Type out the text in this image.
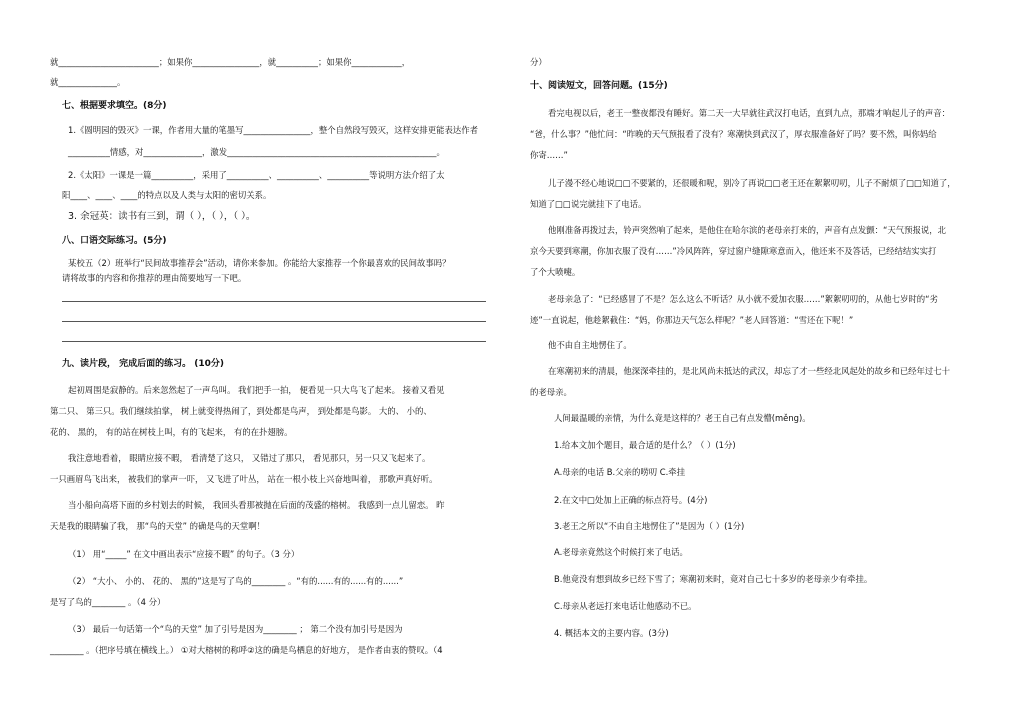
就________________________；如果你________________，就__________；如果你____________，
就______________。
七、根据要求填空。(8分)
1.《圆明园的毁灭》一课，作者用大量的笔墨写________________，整个自然段写毁灭，这样安排更能表达作者
__________情感，对______________，激发__________________________________________________。
2.《太阳》一课是一篇__________，采用了__________、__________、__________等说明方法介绍了太
阳____、____、____的特点以及人类与太阳的密切关系。
3. 余冠英：读书有三到，谓（ ），（ ），（ ）。
八、口语交际练习。(5分)
某校五（2）班举行“民间故事推荐会”活动，请你来参加。你能给大家推荐一个你最喜欢的民间故事吗？
请将故事的内容和你推荐的理由简要地写一下吧。
九、读片段， 完成后面的练习。 (10分)
起初周围是寂静的。后来忽然起了一声鸟叫。 我们把手一拍， 便看见一只大鸟飞了起来。 接着又看见
第二只、 第三只。我们继续拍掌， 树上就变得热闹了，到处都是鸟声， 到处都是鸟影。 大的、 小的、
花的、 黑的， 有的站在树枝上叫，有的飞起来， 有的在扑翅膀。
我注意地看着， 眼睛应接不暇， 看清楚了这只， 又错过了那只， 看见那只，另一只又飞起来了。
一只画眉鸟飞出来， 被我们的掌声一吓， 又飞进了叶丛， 站在一根小枝上兴奋地叫着， 那歌声真好听。
当小船向高塔下面的乡村划去的时候， 我回头看那被抛在后面的茂盛的榕树。 我感到一点儿留恋。 昨
天是我的眼睛骗了我， 那“鸟的天堂” 的确是鸟的天堂啊！
（1） 用“_____” 在文中画出表示“应接不暇” 的句子。（3 分）
（2） “大小、 小的、 花的、 黑的”这是写了鸟的________ 。“有的......有的......有的......”
是写了鸟的________ 。（4 分）
（3） 最后一句话第一个“鸟的天堂” 加了引号是因为________ ； 第二个没有加引号是因为
________ 。（把序号填在横线上。） ①对大榕树的称呼②这的确是鸟栖息的好地方， 是作者由衷的赞叹。（4
分）
十、阅读短文，回答问题。(15分)
看完电视以后，老王一整夜都没有睡好。第二天一大早就往武汉打电话，直到九点，那端才响起儿子的声音：
“爸，什么事？”他忙问：“昨晚的天气预报看了没有？寒潮快到武汉了，厚衣服准备好了吗？要不然，叫你妈给
你寄……”
儿子漫不经心地说□□不要紧的，还很暖和呢，别冷了再说□□老王还在絮絮叨叨，儿子不耐烦了□□知道了，
知道了□□说完就挂下了电话。
他刚准备再拨过去，铃声突然响了起来，是他住在哈尔滨的老母亲打来的，声音有点发颤：“天气预报说，北
京今天要到寒潮，你加衣服了没有……”冷风阵阵，穿过窗户缝隙寒意而入，他还来不及答话，已经结结实实打
了个大喷嚏。
老母亲急了：“已经感冒了不是？怎么这么不听话？从小就不爱加衣服……”絮絮叨叨的，从他七岁时的“劣
迹”一直说起，他趁絮截住：“妈，你那边天气怎么样呢？”老人回答道：“雪还在下呢！”
他不由自主地愣住了。
在寒潮初来的清晨，他深深牵挂的，是北风尚未抵达的武汉，却忘了才一些经北风起处的故乡和已经年过七十
的老母亲。
人间最温暖的亲情，为什么竟是这样的？老王自己有点发懵(měng)。
1.给本文加个题目，最合适的是什么？（ ）(1分)
A.母亲的电话 B.父亲的唠叨 C.牵挂
2.在文中□处加上正确的标点符号。(4分)
3.老王之所以“不由自主地愣住了”是因为（ ）(1分)
A.老母亲竟然这个时候打来了电话。
B.他竟没有想到故乡已经下雪了；寒潮初来时，竟对自己七十多岁的老母亲少有牵挂。
C.母亲从老远打来电话让他感动不已。
4. 概括本文的主要内容。(3分)
